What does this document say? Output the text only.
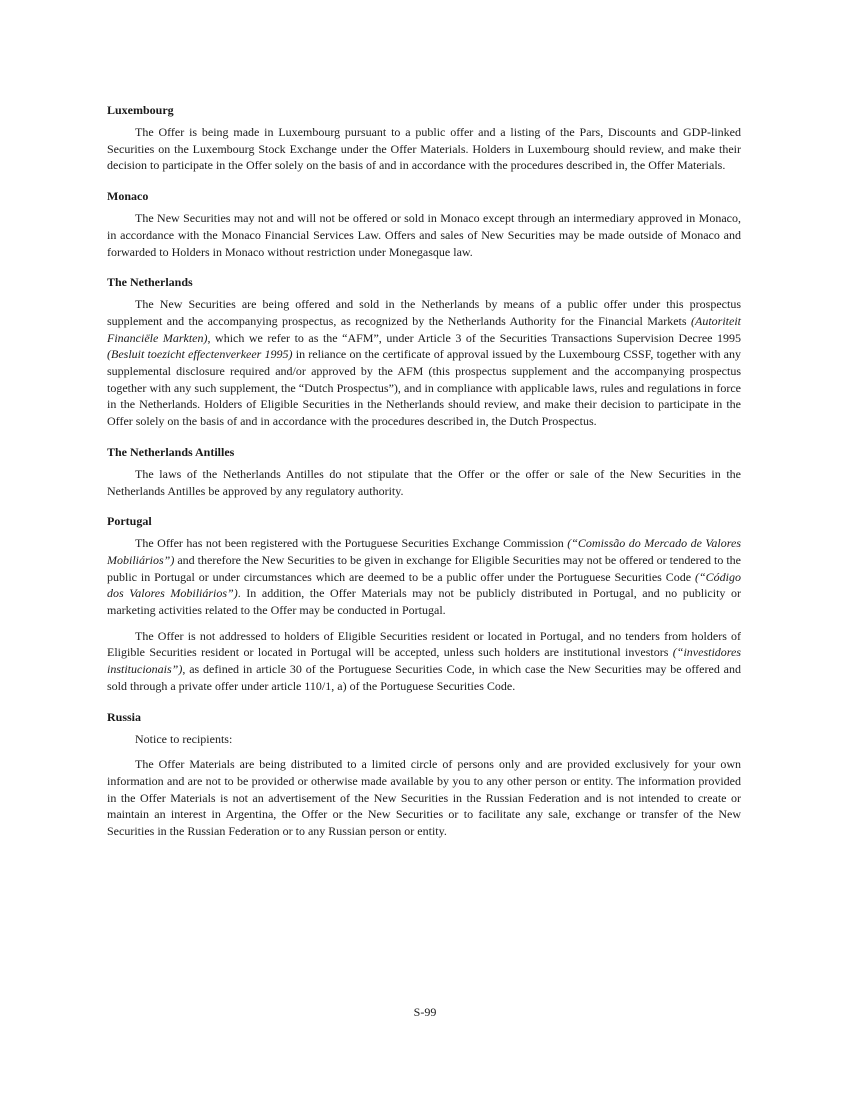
Luxembourg

The Offer is being made in Luxembourg pursuant to a public offer and a listing of the Pars, Discounts and GDP-linked Securities on the Luxembourg Stock Exchange under the Offer Materials. Holders in Luxembourg should review, and make their decision to participate in the Offer solely on the basis of and in accordance with the procedures described in, the Offer Materials.

Monaco

The New Securities may not and will not be offered or sold in Monaco except through an intermediary approved in Monaco, in accordance with the Monaco Financial Services Law. Offers and sales of New Securities may be made outside of Monaco and forwarded to Holders in Monaco without restriction under Monegasque law.

The Netherlands

The New Securities are being offered and sold in the Netherlands by means of a public offer under this prospectus supplement and the accompanying prospectus, as recognized by the Netherlands Authority for the Financial Markets (Autoriteit Financiële Markten), which we refer to as the “AFM”, under Article 3 of the Securities Transactions Supervision Decree 1995 (Besluit toezicht effectenverkeer 1995) in reliance on the certificate of approval issued by the Luxembourg CSSF, together with any supplemental disclosure required and/or approved by the AFM (this prospectus supplement and the accompanying prospectus together with any such supplement, the “Dutch Prospectus”), and in compliance with applicable laws, rules and regulations in force in the Netherlands. Holders of Eligible Securities in the Netherlands should review, and make their decision to participate in the Offer solely on the basis of and in accordance with the procedures described in, the Dutch Prospectus.

The Netherlands Antilles

The laws of the Netherlands Antilles do not stipulate that the Offer or the offer or sale of the New Securities in the Netherlands Antilles be approved by any regulatory authority.

Portugal

The Offer has not been registered with the Portuguese Securities Exchange Commission (“Comissão do Mercado de Valores Mobiliários”) and therefore the New Securities to be given in exchange for Eligible Securities may not be offered or tendered to the public in Portugal or under circumstances which are deemed to be a public offer under the Portuguese Securities Code (“Código dos Valores Mobiliários”). In addition, the Offer Materials may not be publicly distributed in Portugal, and no publicity or marketing activities related to the Offer may be conducted in Portugal.

The Offer is not addressed to holders of Eligible Securities resident or located in Portugal, and no tenders from holders of Eligible Securities resident or located in Portugal will be accepted, unless such holders are institutional investors (“investidores institucionais”), as defined in article 30 of the Portuguese Securities Code, in which case the New Securities may be offered and sold through a private offer under article 110/1, a) of the Portuguese Securities Code.

Russia

Notice to recipients:

The Offer Materials are being distributed to a limited circle of persons only and are provided exclusively for your own information and are not to be provided or otherwise made available by you to any other person or entity. The information provided in the Offer Materials is not an advertisement of the New Securities in the Russian Federation and is not intended to create or maintain an interest in Argentina, the Offer or the New Securities or to facilitate any sale, exchange or transfer of the New Securities in the Russian Federation or to any Russian person or entity.

S-99
